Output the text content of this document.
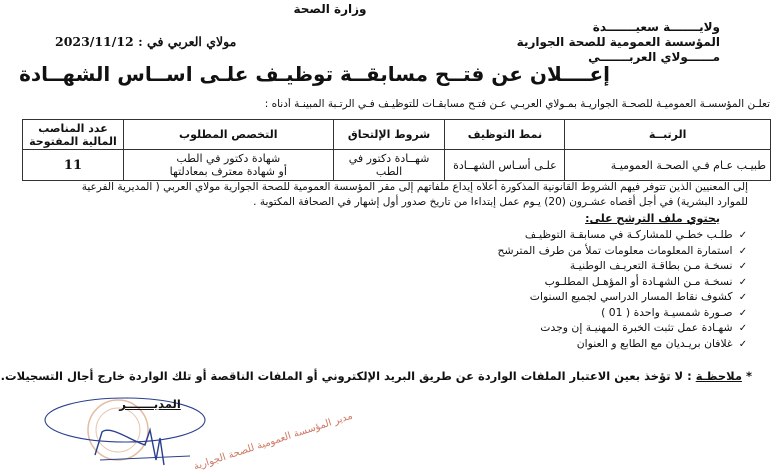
وزارة الصحة
ولايـــــــة سعيـــــــدة
المؤسسة العمومية للصحة الجوارية
مــــــولاي العربـــــــي
مولاي العربي في : 2023/11/12
إعــــلان عن فتــح مسابقــة توظيـف علـى اســاس الشهــادة
تعلـن المؤسسـة العموميـة للصحـة الجواريـة بمـولاي العربـي عـن فتـح مسابقـات للتوظيـف فـي الرتـبة المبينـة أدناه :
الرتبــة	نمط التوظيف	شروط الإلتحاق	التخصص المطلوب	عدد المناصب المالية المفتوحة
طبيـب عـام فـي الصحـة العموميـة	علـى أسـاس الشهــادة	شهــادة دكتور في الطب	شهادة دكتور في الطب
أو شهادة معترف بمعادلتها	11
إلى المعنيين الذين تتوفر فيهم الشروط القانونية المذكورة أعلاه إيداع ملفاتهم إلى مقر المؤسسة العمومية للصحة الجوارية مولاي العربي ( المديرية الفرعية
للموارد البشرية) في أجل أقصاه عشـرون (20) يـوم عمل إبتداءا من تاريخ صدور أول إشهار في الصحافة المكتوبة .
يحتوي ملف الترشح على:
✓ طلـب خطـي للمشاركـة في مسابقـة التوظيـف
✓ استمارة المعلومات معلومات تملأ من طرف المترشح
✓ نسخـة مـن بطاقـة التعريـف الوطنيـة
✓ نسخـة مـن الشهـادة أو المؤهـل المطلـوب
✓ كشوف نقاط المسار الدراسي لجميع السنوات
✓ صـورة شمسيـة واحدة ( 01 )
✓ شهـادة عمل تثبت الخبرة المهنيـة إن وجدت
✓ غلافان بريـديان مع الطابع و العنوان
* ملاحظـة : لا تؤخذ بعين الاعتبار الملفات الواردة عن طريق البريد الإلكتروني أو الملفات الناقصة أو تلك الواردة خارج أجال التسجيلات.
المديـــــــر
مدير المؤسسة العمومية للصحة الجوارية
